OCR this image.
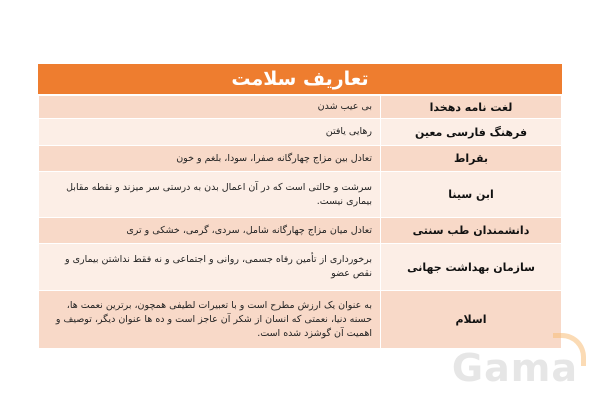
تعاریف سلامت
لغت نامه دهخدا	بی عیب شدن
فرهنگ فارسی معین	رهایی یافتن
بقراط	تعادل بین مزاج چهارگانه صفرا، سودا، بلغم و خون
ابن سینا	سرشت و حالتی است که در آن اعمال بدن به درستی سر میزند و نقطه مقابل بیماری نیست.
دانشمندان طب سنتی	تعادل میان مزاج چهارگانه شامل، سردی، گرمی، خشکی و تری
سازمان بهداشت جهانی	برخورداری از تأمین رفاه جسمی، روانی و اجتماعی و نه فقط نداشتن بیماری و نقص عضو
اسلام	به عنوان یک ارزش مطرح است و با تعبیرات لطیفی همچون، برترین نعمت ها، حسنه دنیا، نعمتی که انسان از شکر آن عاجز است و ده ها عنوان دیگر، توصیف و اهمیت آن گوشزد شده است.
Gama
